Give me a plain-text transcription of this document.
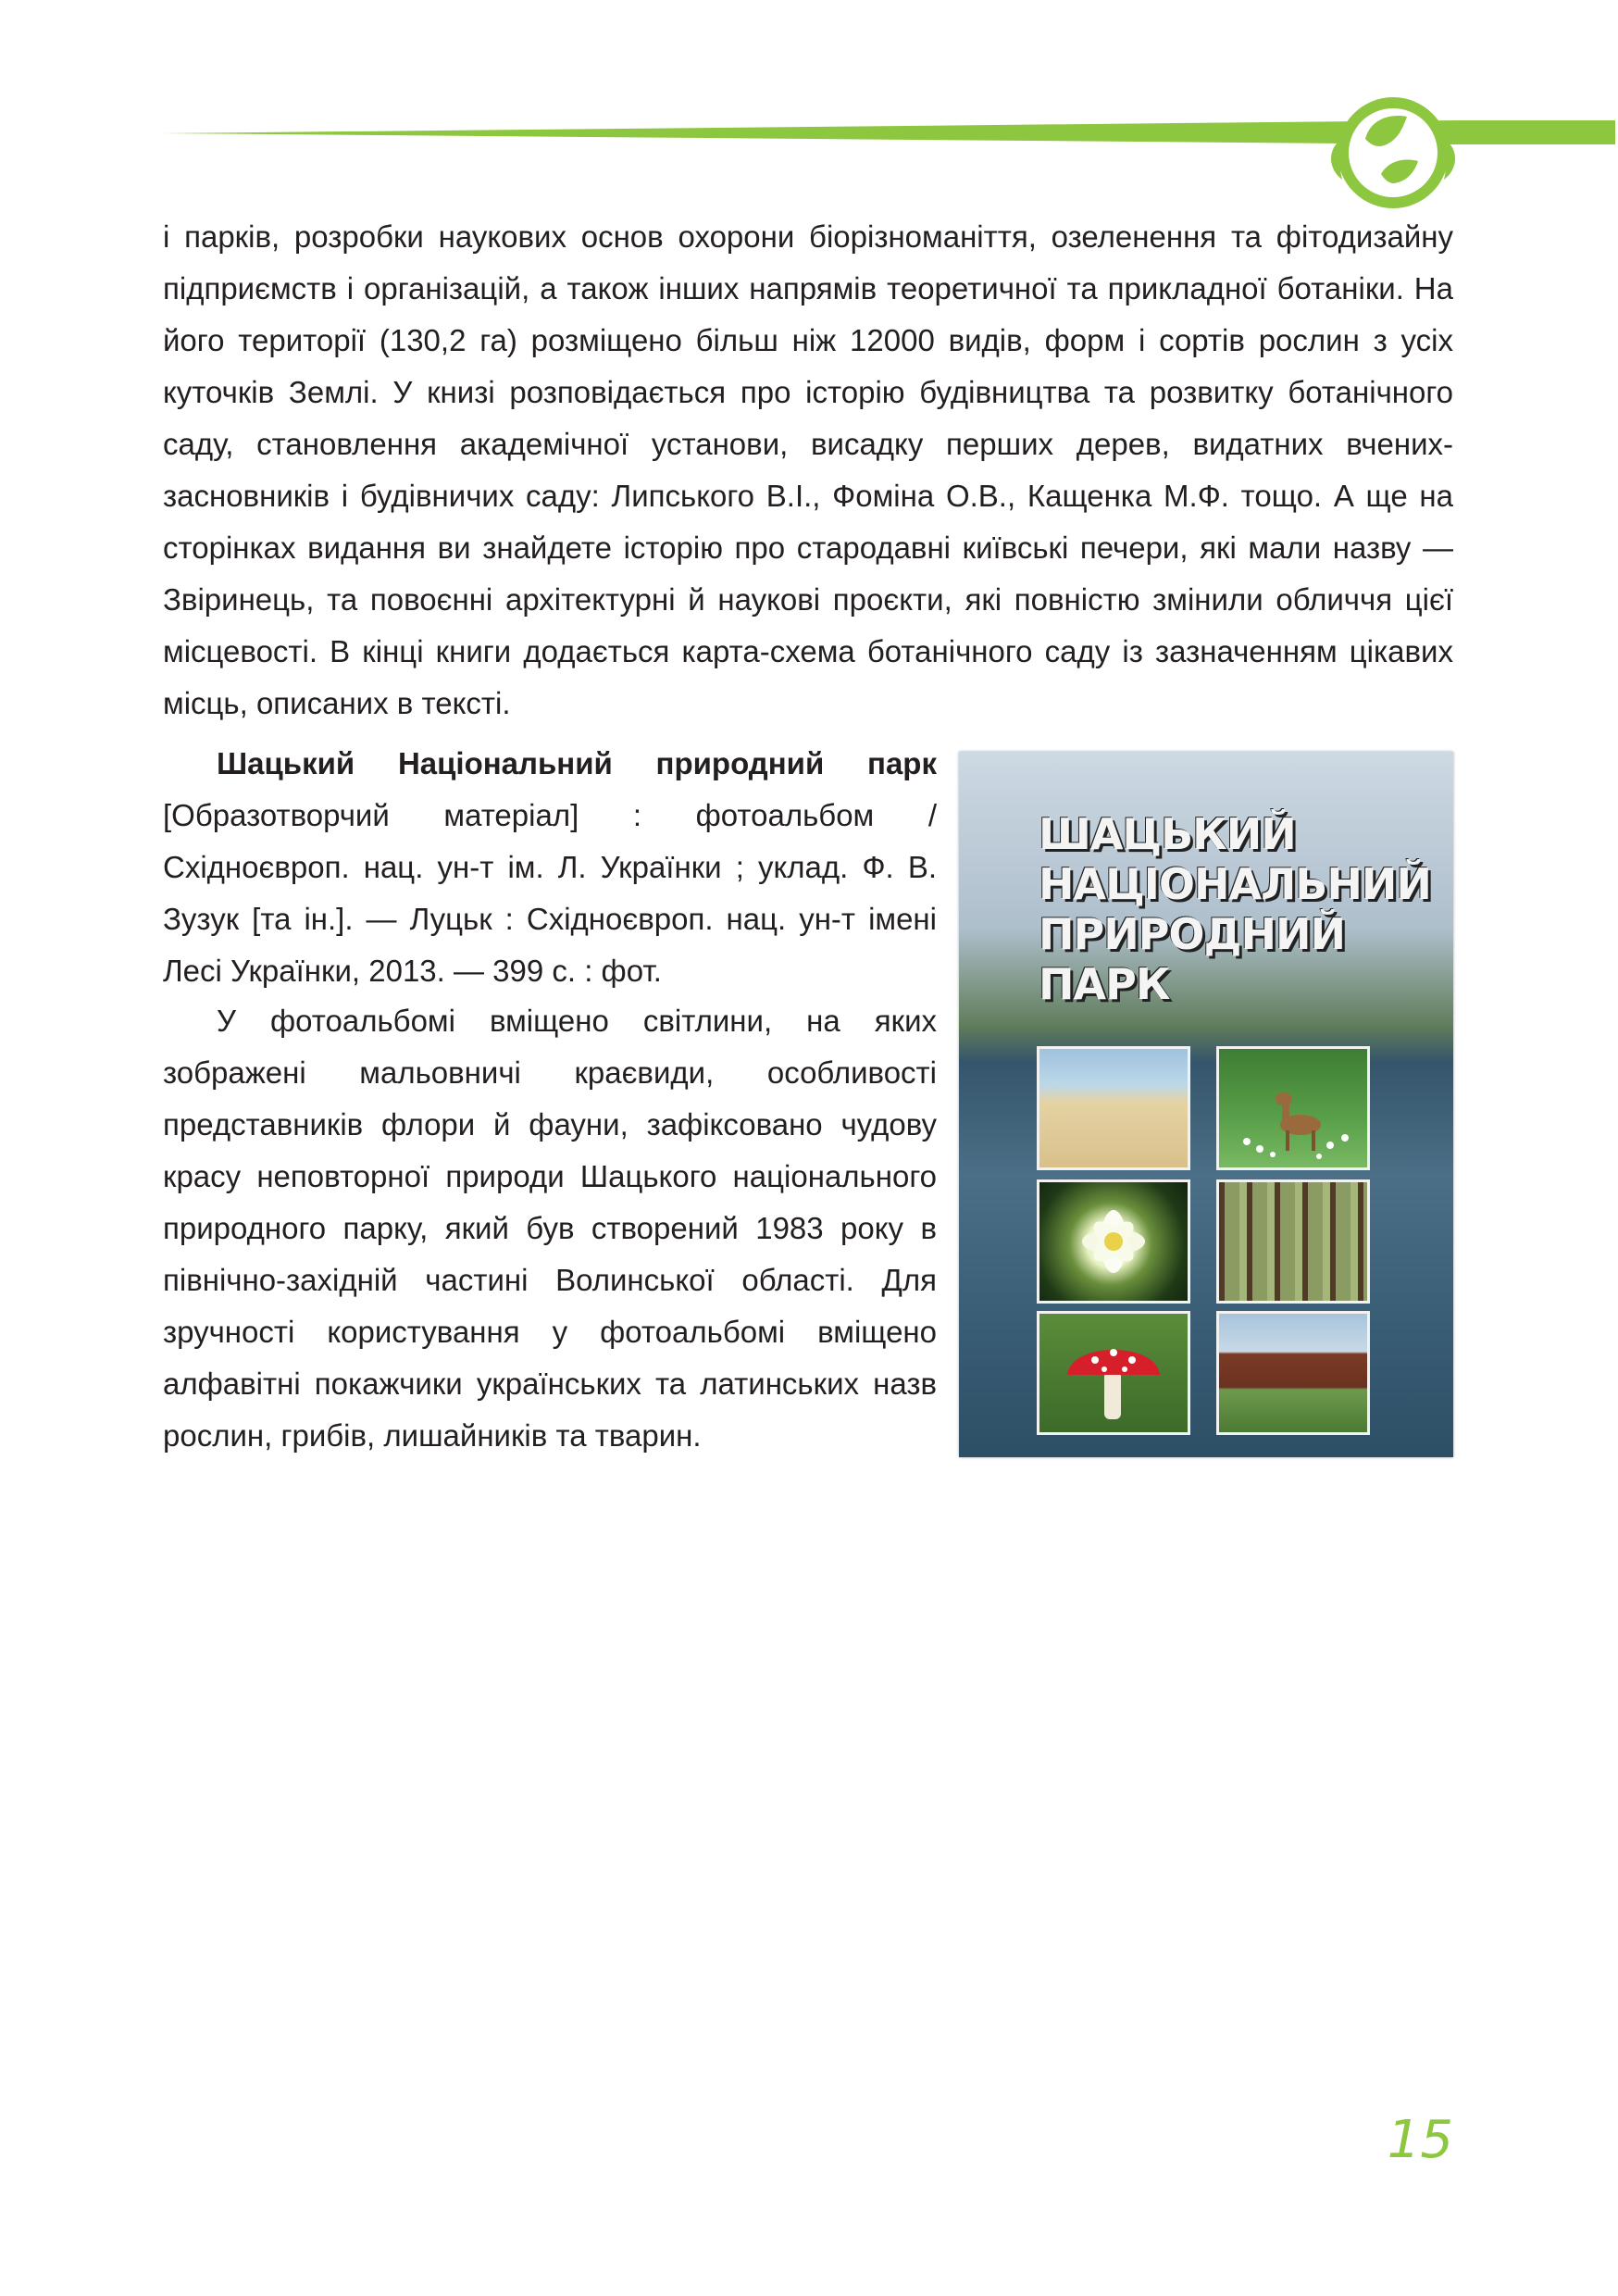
і парків, розробки наукових основ охорони біорізноманіття, озеленення та фітодизайну підприємств і організацій, а також інших напрямів теоретичної та прикладної ботаніки. На його території (130,2 га) розміщено більш ніж 12000 видів, форм і сортів рослин з усіх куточків Землі. У книзі розповідається про історію будівництва та розвитку ботанічного саду, становлення академічної установи, висадку перших дерев, видатних вчених-засновників і будівничих саду: Липського В.І., Фоміна О.В., Кащенка М.Ф. тощо. А ще на сторінках видання ви знайдете історію про стародавні київські печери, які мали назву — Звіринець, та повоєнні архітектурні й наукові проєкти, які повністю змінили обличчя цієї місцевості. В кінці книги додається карта-схема ботанічного саду із зазначенням цікавих місць, описаних в тексті.

Шацький Національний природний парк [Образотворчий матеріал] : фотоальбом / Східноєвроп. нац. ун-т ім. Л. Українки ; уклад. Ф. В. Зузук [та ін.]. — Луцьк : Східноєвроп. нац. ун-т імені Лесі Українки, 2013. — 399 с. : фот.

У фотоальбомі вміщено світлини, на яких зображені мальовничі краєвиди, особливості представників флори й фауни, зафіксовано чудову красу неповторної природи Шацького національного природного парку, який був створений 1983 року в північно-західній частині Волинської області. Для зручності користування у фотоальбомі вміщено алфавітні покажчики українських та латинських назв рослин, грибів, лишайників та тварин.

ШАЦЬКИЙ
НАЦІОНАЛЬНИЙ
ПРИРОДНИЙ
ПАРК

15
